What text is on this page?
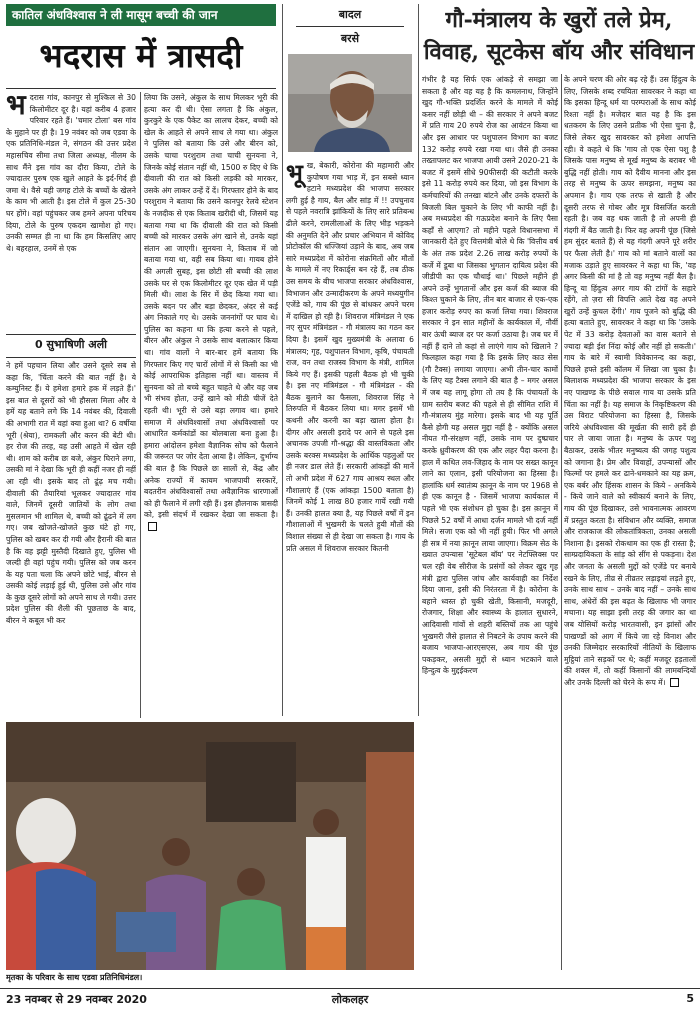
कातिल अंधविश्वास ने ली मासूम बच्ची की जान
भदरास में त्रासदी
भ दरास गांव, कानपुर से मुश्किल से 30 किलोमीटर दूर है। यहां करीब 4 हजार परिवार रहते हैं। 'चमार टोला' बस गांव के मुहाने पर ही है। 19 नवंबर को जब एडवा के एक प्रतिनिधि-मंडल ने, संगठन की उत्तर प्रदेश महासचिव सीमा तथा जिला अध्यक्ष, नीलम के साथ मैंने इस गांव का दौरा किया, टोले के ज्यादातर पुरुष एक खुले आहते के इर्द-गिर्द ही जमा थे। वैसे यही जगह टोले के बच्चों के खेलने के काम भी आती है। इस टोले में कुल 25-30 घर होंगे। वहां पहुंचकर जब हमने अपना परिचय दिया, टोले के पुरुष एकदम खामोश हो गए। उनकी सम्मत ही ना था कि हम किसलिए आए थे। बहरहाल, उनमें से एक
0 सुभाषिणी अली
ने हमें पहचान लिया और उसने दूसरे सब से कहा कि, 'चिंता करने की बात नहीं है। ये कम्युनिस्ट हैं। ये हमेशा हमारे हक में लड़ते हैं।' इस बात से दूसरों को भी हौसला मिला और वे हमें यह बताने लगे कि 14 नवंबर की, दिवाली की अभागी रात में वहां क्या हुआ था? 6 वर्षीया भूरी (श्रेया), रामकली और करन की बेटी थी। हर रोज की तरह, वह उसी आहते में खेल रही थी। शाम को करीब छः बजे, अंकुर घिराने लगा, उसकी मां ने देखा कि भूरी ही कहीं नजर ही नहीं आ रही थी। इसके बाद तो ढूंढ़ मच गयी। दीवाली की तैयारियां भूलकर ज्यादातर गांव वाले, जिनमें दूसरी जातियों के लोग तथा मुसलमान भी शामिल थे, बच्ची को ढूंढने में लग गए। जब खोजते-खोजते कुछ घंटे हो गए, पुलिस को खबर कर दी गयी और हैरानी की बात है कि वह झट्टी मुस्तैदी दिखाते हुए, पुलिस भी जल्दी ही वहां पहुंच गयी। पुलिस को जब करन के यह पता चला कि अपने छोटे भाई, बीरन से उसकी कोई लड़ाई हुई थी, पुलिस उसे और गांव के कुछ दूसरे लोगों को अपने साथ ले गयी। उत्तर प्रदेश पुलिस की शैली की पूछताछ के बाद, बीरन ने कबूल भी कर
लिया कि उसने, अंकुल के साथ मिलकर भूरी की हत्या कर दी थी। ऐसा लगता है कि अंकुल, कुरकुरे के एक पैकेट का लालच देकर, बच्ची को खेल के आहते से अपने साथ ले गया था। अंकुल ने पुलिस को बताया कि उसे और बीरन को, उसके चाचा परशुराम तथा चाची सुनयना ने, जिनके कोई संतान नहीं थी, 1500 रु दिए थे कि दीवाली की रात को किसी लड़की को मारकर, उसके अंग लाकर उन्हें दें दें। गिरफ्तार होने के बाद परशुराम ने बताया कि उसने कानपुर रेलवे स्टेशन के नजदीक से एक किताब खरीदी थी, जिसमें यह बताया गया था कि दीवाली की रात को किसी बच्ची को मारकर उसके अंग खाने से, उनके यहां संतान आ जाएगी। सुनयना ने, किताब में जो बताया गया था, वही सब किया था। गायब होने की अगली सुबह, इस छोटी सी बच्ची की लाश उसके घर से एक किलोमीटर दूर एक खेत में पड़ी मिली थी। लाश के सिर में छेद किया गया था। उसके बदन पर और बड़ा छेदकर, अंदर से कई अंग निकाले गए थे। उसके जननांगों पर घाव थे। पुलिस का कहना था कि हत्या करने से पहले, बीरन और अंकुल ने उसके साथ बलात्कार किया था। गांव वालों ने बार-बार हमें बताया कि गिरफ्तार किए गए चारों लोगों में से किसी का भी कोई आपराधिक इतिहास नहीं था। वास्तव में सुनयना को तो बच्चे बहुत चाहते थे और वह जब भी संभव होता, उन्हें खाने को मीठी चीजें देते रहती थी। भूरी से उसे बड़ा लगाव था। हमारे समाज में अंधविश्वासों तथा अंधविश्वासों पर आधारित कर्मकांडों का बोलबाला बना हुआ है। हमारा आंदोलन हमेशा वैज्ञानिक सोच को फैलाने की जरूरत पर जोर देता आया है। लेकिन, दुर्भाग्य की बात है कि पिछले छः सालों से, केंद्र और अनेक राज्यों में कायम भाजपायी सरकारें, बदतरीन अंधविश्वासों तथा अवैज्ञानिक धारणाओं को ही फैलाने में लगी रही हैं। इस हौलनाक त्रासदी को, इसी संदर्भ में रखकर देखा जा सकता है।
बादल
बरसे
भू ख, बेकारी, कोरोना की महामारी और कुपोषण गया भाड़ में, इन सबसे ध्यान हटाने मध्यप्रदेश की भाजपा सरकार लगी हुई है गाय, बैल और सांड़ में !! उपचुनाव से पहले नवरात्रि झांकियों के लिए सारे प्रतिबन्ध ढीले करने, रामलीलाओं के लिए भीड़ भड़कने की अनुमति देने और प्रचार अभियान में कोविद प्रोटोकॉल की धज्जियां उड़ाने के बाद, अब जब सारे मध्यप्रदेश में कोरोना संक्रमितों और मौतों के मामले में नए रिकार्ड्स बन रहे हैं, तब ठीक उस समय के बीच भाजपा सरकार अंधविश्वास, विभाजन और उन्मादीकरण के अपने मध्ययुगीन एजेंडे को, गाय की पूंछ से बांधकर अपने चरम में दाखिल हो रही है। शिवराज मंत्रिमंडल ने एक नए सुपर मंत्रिमंडल - गौ मंत्रालय का गठन कर दिया है। इसमें खुद मुख्यमंत्री के अलावा 6 मंत्रालय; गृह, पशुपालन विभाग, कृषि, पंचायती राज, वन तथा राजस्व विभाग के मंत्री, शामिल किये गए हैं। इसकी पहली बैठक हो भी चुकी है। इस नए मंत्रिमंडल - गौ मंत्रिमंडल - की बैठक बुलाने का फैसला, शिवराज सिंह ने तिरुपति में बैठकर लिया था। मगर इसमें भी कथनी और करनी का बड़ा खाला होता है। दीगर और असली इरादे पर आने से पहले इस अचानक उपजी गौ-श्रद्धा की वास्तविकता और उसके बरक्स मध्यप्रदेश के आर्थिक पहलुओं पर ही नजर डाल लेते हैं। सरकारी आंकड़ों की मानें तो अभी प्रदेश में 627 गाय आश्रय स्थल और गौशालाएं हैं (एक आंकड़ा 1500 बताता है) जिनमें कोई 1 लाख 80 हजार गायें रखी गयी हैं। उनकी हालत क्या है, यह पिछले वर्षों में इन गौशालाओं में भुखमरी के चलते हुयी मौतों की विशाल संख्या से ही देखा जा सकता है। गाय के प्रति असल में शिवराज सरकार कितनी
गौ-मंत्रालय के खुरों तले प्रेम, विवाह, सूटकेस बॉय और संविधान
गंभीर है यह सिर्फ एक आंकड़े से समझा जा सकता है और वह यह है कि कमलनाथ, जिन्होंने खुद गौ-भक्ति प्रदर्शित करने के मामले में कोई कसर नहीं छोड़ी थी – की सरकार ने अपने बजट में प्रति गाय 20 रुपये रोज का आवंटन किया था और इस आधार पर पशुपालन विभाग का बजट 132 करोड़ रुपये रखा गया था। जैसे ही उनका तख्तापलट कर भाजपा आयी उसने 2020-21 के बजट में इसमें सीधे 90फीसदी की कटौती करके इसे 11 करोड़ रुपये कर दिया, जो इस विभाग के कर्मचारियों की तनखा बांटने और उनके दफ्तरों के बिजली बिल चुकाने के लिए भी काफी नहीं है। अब मध्यप्रदेश की गऊप्रदेश बनाने के लिए पैसा कहाँ से आएगा? तो महीने पहले विधानसभा में जानकारी देते हुए वित्तमंत्री बोले थे कि 'वित्तीय वर्ष के अंत तक प्रदेश 2.26 लाख करोड़ रुपयों के कर्जे में डूबा था जिसका भुगतान दायित्व प्रदेश की जीडीपी का एक चौथाई था।' पिछले महीने ही अपने उन्हें भुगतानों और इस कर्ज की ब्याज की किश्त चुकाने के लिए, तीन बार बाजार से एक-एक हजार करोड़ रुपए का कर्जा लिया गया। शिवराज सरकार ने इन सात महीनों के कार्यकाल में, नौवीं बार ऊंची ब्याज दर पर कर्जा उठाया है। जब घर में नहीं हैं दाने तो कहां से लाएंगे गाय को खिलाने ? फिलहाल कहा गया है कि इसके लिए काउ सेस (गौ टैक्स) लगाया जाएगा। अभी तीन-चार कामों के लिए यह टैक्स लगाने की बात है – मगर असल में जब यह लागू होगा तो तय है कि पंचायतों के ग्राम स्तरीय बजट की पहले से ही सीमित राशि में गौ-मंत्रालय मुंह मारेगा। इसके बाद भी यह पूर्ति कैसे होगी यह असल मुद्दा नहीं है - क्योंकि असल नीयत गौ-संरक्षण नहीं, उसके नाम पर दुष्प्रचार करके ध्रुवीकरण की एक और लहर पैदा करना है। हाल में कथित लव-जिहाद के नाम पर सख्त कानून लाने का एलान, इसी परियोजना का हिस्सा है। हालांकि धर्म स्वातंत्र्य क़ानून के नाम पर 1968 से ही एक कानून है - जिसमें भाजपा कार्यकाल में पहले भी एक संशोधन हो चुका है। इस क़ानून में पिछले 52 वर्षों में आधा दर्जन मामले भी दर्ज नहीं मिले। सजा एक को भी नहीं हुयी। फिर भी अगले ही सत्र में नया क़ानून लाया जाएगा। विक्रम सेठ के ख्यात उपन्यास 'सूटेबल बॉय' पर नेटफ्लिक्स पर चल रही वेब सीरीज के प्रसंगों को लेकर खुद गृह मंत्री द्वारा पुलिस जांच और कार्यवाही का निर्देश दिया जाना, इसी की निरंतरता में है। कोरोना के बहाने ध्वस्त हो चुकी खेती, किसानी, मजदूरी, रोजगार, शिक्षा और स्वास्थ्य के हालात सुधारने, आदिवासी गांवों से शहरी बस्तियों तक आ पहुंचे भुखमरी जैसे हालात से निबटने के उपाय करने की बजाय भाजपा-आरएसएस, अब गाय की पूंछ पकड़कर, असली मुद्दों से ध्यान भटकाने वाले हिन्दुत्व के मुद्दईकरण
के अपने चरण की ओर बढ़ रहे हैं। उस हिंदुत्व के लिए, जिसके शब्द रचयिता सावरकर ने कहा था कि इसका हिन्दू धर्म या परम्पराओं के साथ कोई रिश्ता नहीं है। मजेदार बात यह है कि इस धतकरम के लिए उसने प्रतीक भी ऐसा चुना है, जिसे लेकर खुद सावरकर को हमेशा आपत्ति रही। वे कहते थे कि 'गाय तो एक ऐसा पशु है जिसके पास मनुष्य से मूर्ख मनुष्य के बराबर भी बुद्धि नहीं होती। गाय को दैवीय मानना और इस तरह से मनुष्य के ऊपर समझना, मनुष्य का अपमान है। गाय एक तरफ से खाती है और दूसरी तरफ से गोबर और मूत्र विसर्जित करती रहती है। जब वह थक जाती है तो अपनी ही गंदगी में बैठ जाती है। फिर वह अपनी पूंछ (जिसे हम सुंदर बताते हैं) से यह गंदगी अपने पूरे शरीर पर फैला लेती है।' गाय को मां बताने वालों का मजाक उड़ाते हुए सावरकर ने कहा था कि, 'वह अगर किसी की मां है तो वह मनुष्य नहीं बैल है। हिन्दू या हिंदुत्व अगर गाय की टांगों के सहारे रहेंगे, तो ज़रा सी विपत्ति आते देख वह अपने खुरों उन्हें कुचल देंगी।' गाय पूजने को बुद्धि की हत्या बताते हुए, सावरकर ने कहा था कि 'उसके पेट में 33 करोड़ देवताओं का वास बताने से ज्यादा बड़ी ईश निंदा कोई और नहीं हो सकती।' गाय के बारे में स्वामी विवेकानन्द का कहा, पिछले हफ्ते इसी कॉलम में लिखा जा चुका है। बिलाशक मध्यप्रदेश की भाजपा सरकार के इस नए पाखण्ड के पीछे सवाल गाय या उसके प्रति चिंता का नहीं है। यह समाज के निकृष्टिकरण की उस विराट परियोजना का हिस्सा है, जिसके जरिये अंधविश्वास की मूर्खता की सारी हदें ही पार ले जाया जाता है। मनुष्य के ऊपर पशु बैठाकर, उसके भीतर मनुष्यत्व की जगह पशुत्व को जगाना है। प्रेम और विवाहों, उपन्यासों और फिल्मों पर हमले कर ढाने-धमकाने का यह क्रम, एक बर्बर और हिंसक शासन के किये - अनकिये - किये जाने वाले को स्वीकार्य बनाने के लिए, गाय की पूंछ दिखाकर, उसे भावनात्मक आवरण में प्रस्तुत करता है। संविधान और व्यक्ति, समाज और राजकाज की लोकतांत्रिकता, उनका असली निशाना है। इसको रोकथाम का एक ही रास्ता है; साम्प्रदायिकता के सांड़ को सींग से पकड़ना। देश और जनता के असली मुद्दों को एजेंडे पर बनाये रखने के लिए, तीव्र से तीव्रतर लड़ाइयां लड़ते हुए, उनके साथ साथ – उनके बाद नहीं – उनके साथ साथ, अंधेरों की इस बढ़त के खिलाफ भी जगार मचाना। यह साझा इसी तरह की जगार का था जब योसियों करोड़ भारतवासी, इन झांसों और पाखण्डों को आग में किये जा रहे विनाश और उनकी जिम्मेदार सरकारियों नीतियों के खिलाफ मुट्ठियां ताने सड़कों पर थे; कहीं मजदूर हड़तालों की शक्ल में, तो कहीं किसानों की लामबन्दियों और उनके दिल्ली को घेरने के रूप में।
मृतका के परिवार के साथ एडवा प्रतिनिधिमंडल।
23 नवम्बर से 29 नवम्बर 2020	लोकलहर	5
